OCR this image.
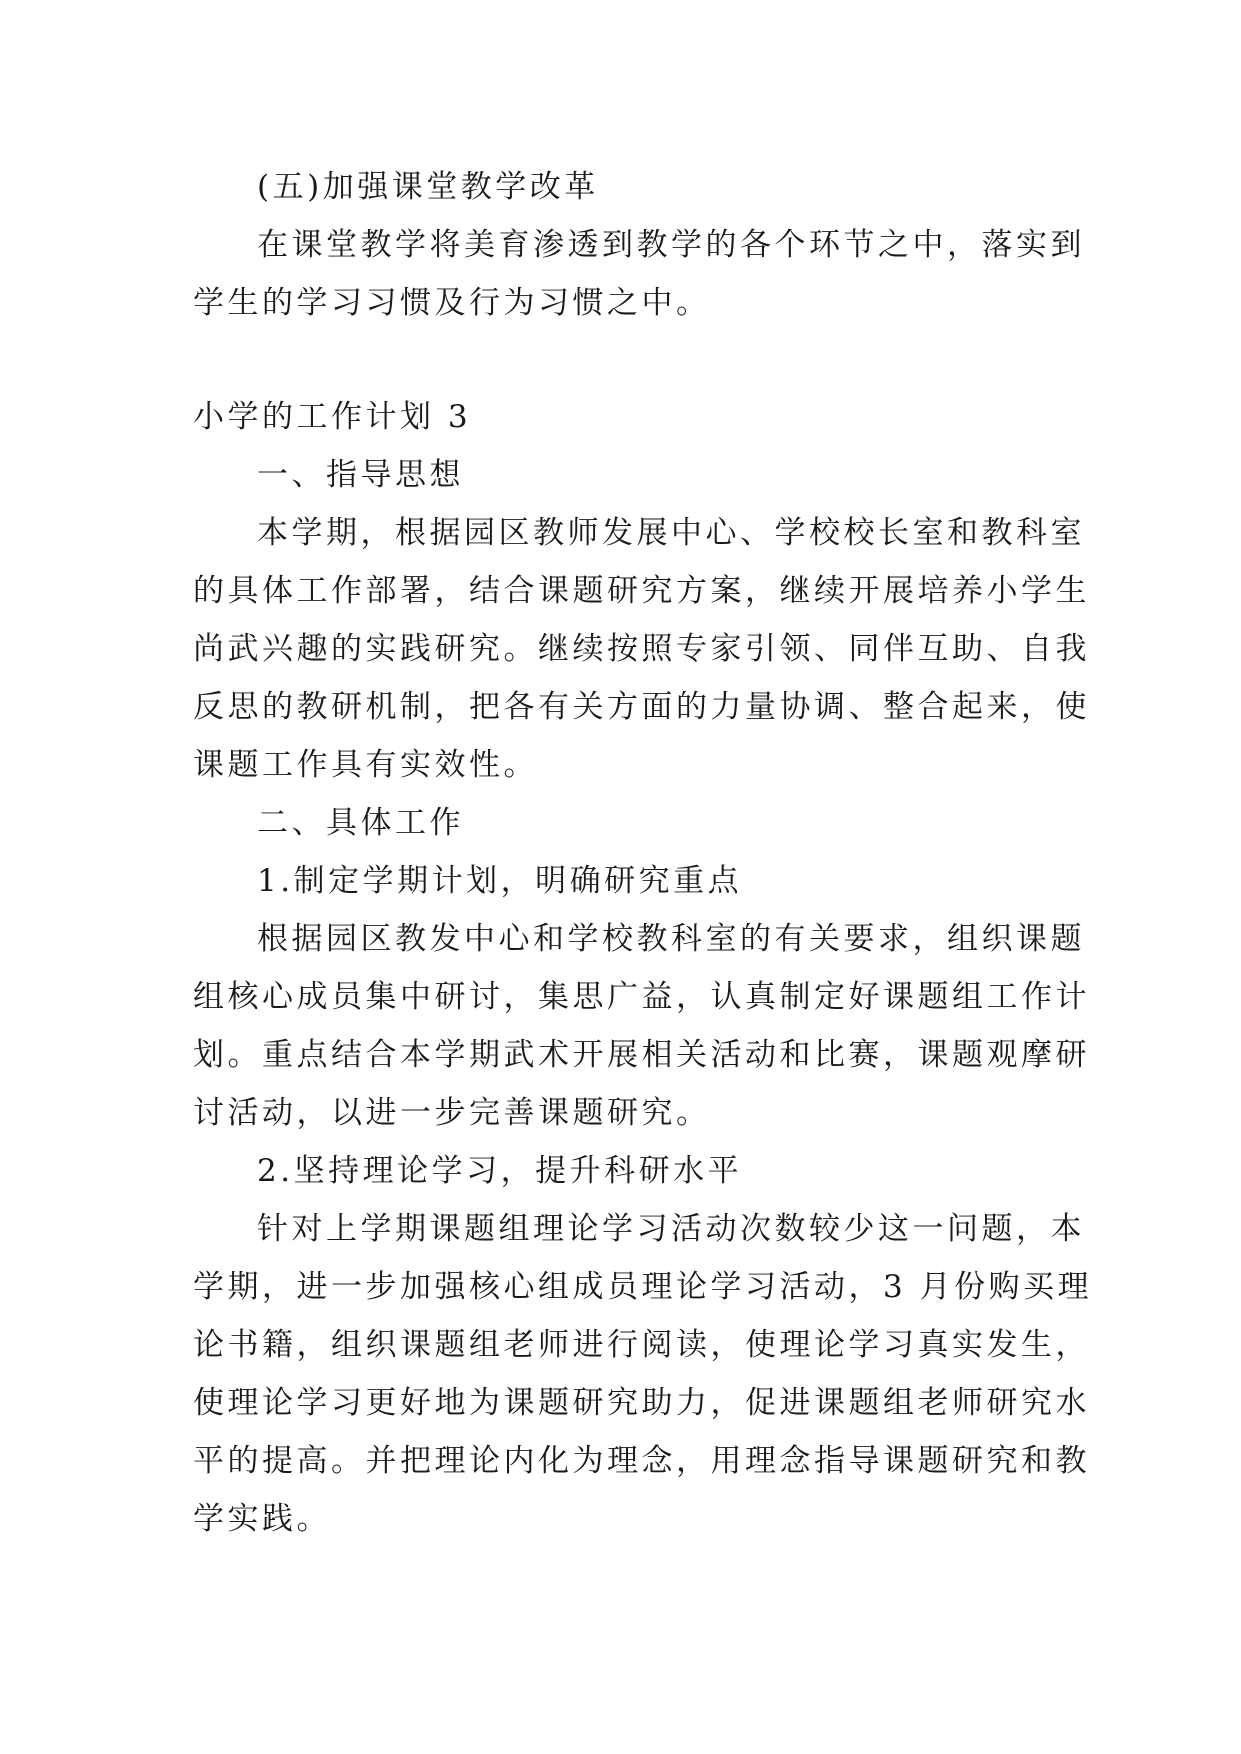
(五)加强课堂教学改革
在课堂教学将美育渗透到教学的各个环节之中，落实到
学生的学习习惯及行为习惯之中。
小学的工作计划 3
一、指导思想
本学期，根据园区教师发展中心、学校校长室和教科室
的具体工作部署，结合课题研究方案，继续开展培养小学生
尚武兴趣的实践研究。继续按照专家引领、同伴互助、自我
反思的教研机制，把各有关方面的力量协调、整合起来，使
课题工作具有实效性。
二、具体工作
1.制定学期计划，明确研究重点
根据园区教发中心和学校教科室的有关要求，组织课题
组核心成员集中研讨，集思广益，认真制定好课题组工作计
划。重点结合本学期武术开展相关活动和比赛，课题观摩研
讨活动，以进一步完善课题研究。
2.坚持理论学习，提升科研水平
针对上学期课题组理论学习活动次数较少这一问题，本
学期，进一步加强核心组成员理论学习活动，3 月份购买理
论书籍，组织课题组老师进行阅读，使理论学习真实发生，
使理论学习更好地为课题研究助力，促进课题组老师研究水
平的提高。并把理论内化为理念，用理念指导课题研究和教
学实践。
